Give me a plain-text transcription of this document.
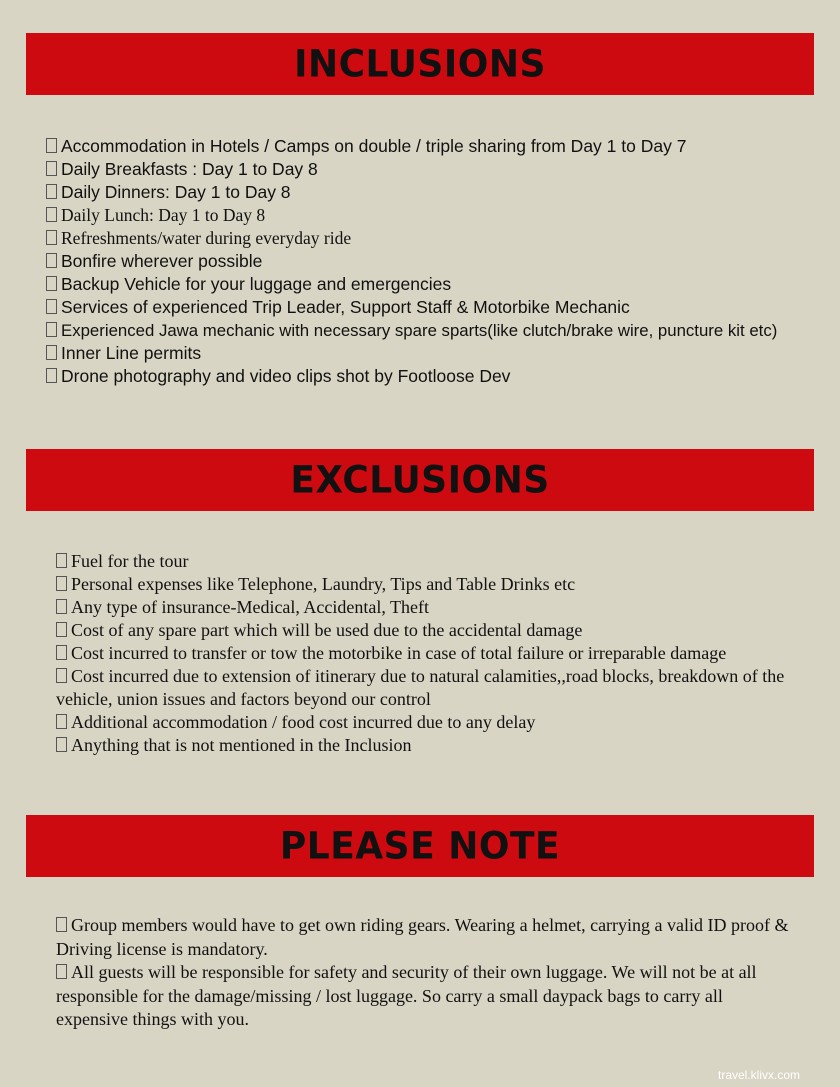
INCLUSIONS
Accommodation in Hotels / Camps on double / triple sharing from Day 1 to Day 7
Daily Breakfasts : Day 1 to Day 8
Daily Dinners: Day 1 to Day 8
Daily Lunch: Day 1 to Day 8
Refreshments/water during everyday ride
Bonfire wherever possible
Backup Vehicle for your luggage and emergencies
Services of experienced Trip Leader, Support Staff & Motorbike Mechanic
Experienced Jawa mechanic with necessary spare sparts(like clutch/brake wire, puncture kit etc)
Inner Line permits
Drone photography and video clips shot by Footloose Dev
EXCLUSIONS
Fuel for the tour
Personal expenses like Telephone, Laundry, Tips and Table Drinks etc
Any type of insurance-Medical, Accidental, Theft
Cost of any spare part which will be used due to the accidental damage
Cost incurred to transfer or tow the motorbike in case of total failure or irreparable damage
Cost incurred due to extension of itinerary due to natural calamities,,road blocks, breakdown of the vehicle, union issues and factors beyond our control
Additional accommodation / food cost incurred due to any delay
Anything that is not mentioned in the Inclusion
PLEASE NOTE
Group members would have to get own riding gears. Wearing a helmet, carrying a valid ID proof & Driving license is mandatory.
All guests will be responsible for safety and security of their own luggage. We will not be at all responsible for the damage/missing / lost luggage. So carry a small daypack bags to carry all expensive things with you.
travel.klivx.com
